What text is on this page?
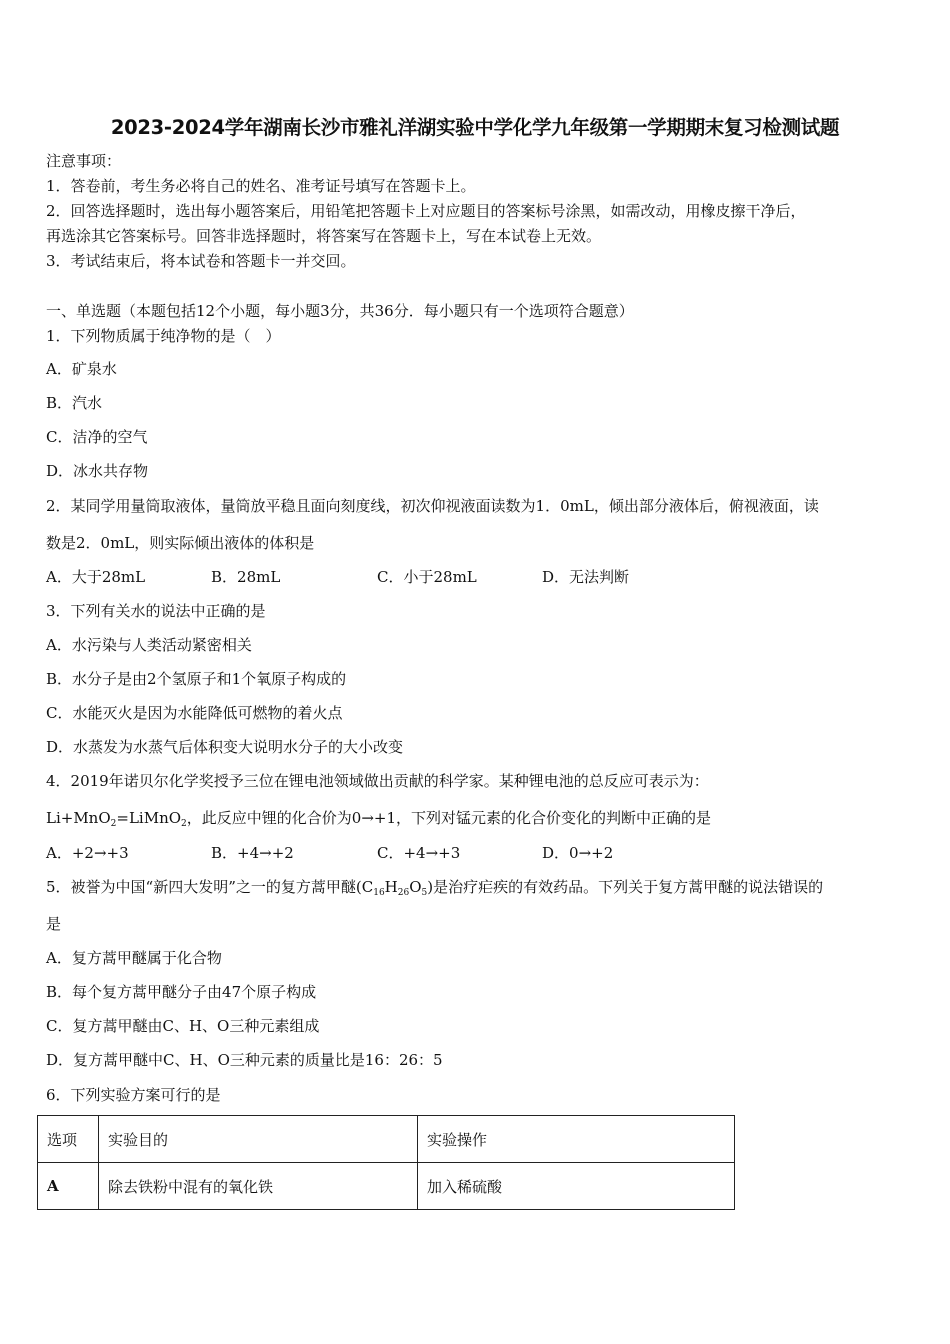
2023-2024学年湖南长沙市雅礼洋湖实验中学化学九年级第一学期期末复习检测试题
注意事项：
1．答卷前，考生务必将自己的姓名、准考证号填写在答题卡上。
2．回答选择题时，选出每小题答案后，用铅笔把答题卡上对应题目的答案标号涂黑，如需改动，用橡皮擦干净后，
再选涂其它答案标号。回答非选择题时，将答案写在答题卡上，写在本试卷上无效。
3．考试结束后，将本试卷和答题卡一并交回。
一、单选题（本题包括12个小题，每小题3分，共36分．每小题只有一个选项符合题意）
1．下列物质属于纯净物的是（　）
A．矿泉水
B．汽水
C．洁净的空气
D．冰水共存物
2．某同学用量筒取液体，量筒放平稳且面向刻度线，初次仰视液面读数为1．0mL，倾出部分液体后，俯视液面，读
数是2．0mL，则实际倾出液体的体积是
A．大于28mL	B．28mL	C．小于28mL	D．无法判断
3．下列有关水的说法中正确的是
A．水污染与人类活动紧密相关
B．水分子是由2个氢原子和1个氧原子构成的
C．水能灭火是因为水能降低可燃物的着火点
D．水蒸发为水蒸气后体积变大说明水分子的大小改变
4．2019年诺贝尔化学奖授予三位在锂电池领域做出贡献的科学家。某种锂电池的总反应可表示为：
Li+MnO$_2$=LiMnO$_2$，此反应中锂的化合价为0→+1，下列对锰元素的化合价变化的判断中正确的是
A．+2→+3	B．+4→+2	C．+4→+3	D．0→+2
5．被誉为中国“新四大发明”之一的复方蒿甲醚$(C_{16}H_{26}O_5)$是治疗疟疾的有效药品。下列关于复方蒿甲醚的说法错误的
是
A．复方蒿甲醚属于化合物
B．每个复方蒿甲醚分子由47个原子构成
C．复方蒿甲醚由C、H、O三种元素组成
D．复方蒿甲醚中C、H、O三种元素的质量比是16：26：5
6．下列实验方案可行的是
选项	实验目的	实验操作
A	除去铁粉中混有的氧化铁	加入稀硫酸
